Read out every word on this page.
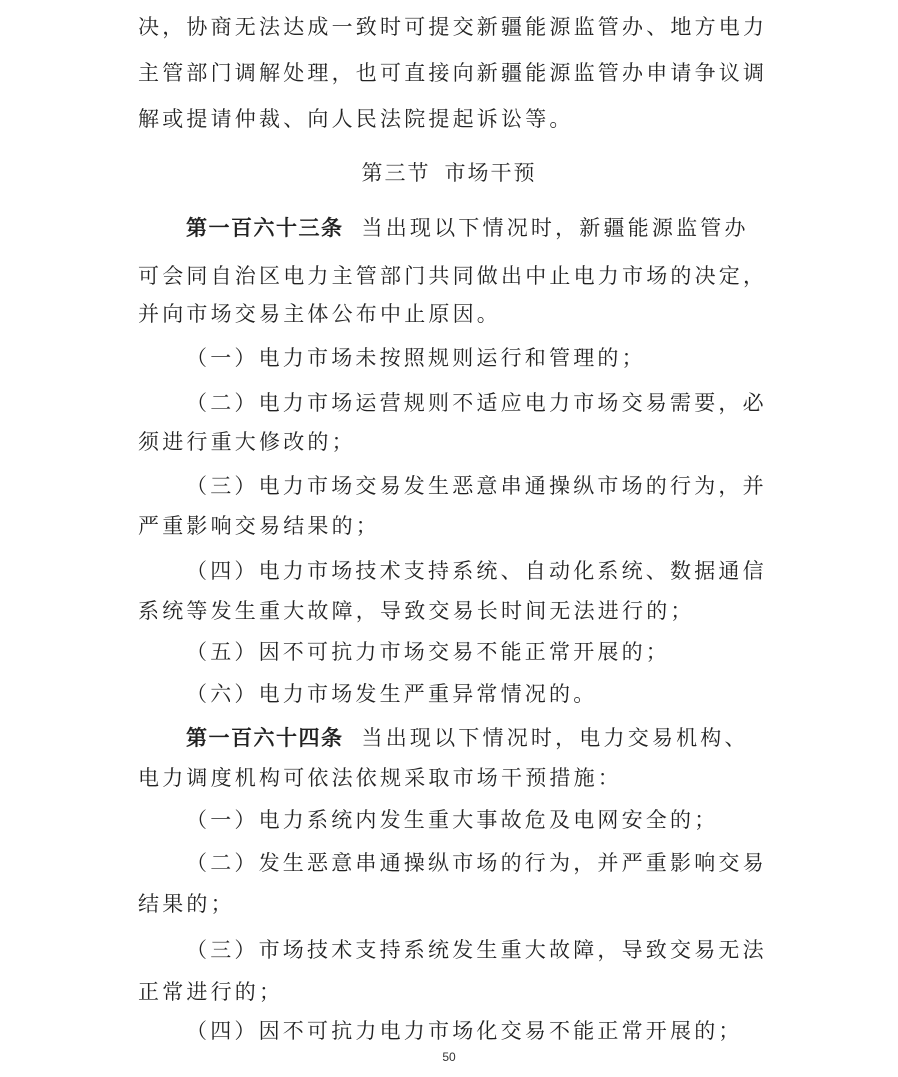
决，协商无法达成一致时可提交新疆能源监管办、地方电力
主管部门调解处理，也可直接向新疆能源监管办申请争议调
解或提请仲裁、向人民法院提起诉讼等。
第三节 市场干预
第一百六十三条 当出现以下情况时，新疆能源监管办
可会同自治区电力主管部门共同做出中止电力市场的决定，
并向市场交易主体公布中止原因。
（一）电力市场未按照规则运行和管理的；
（二）电力市场运营规则不适应电力市场交易需要，必
须进行重大修改的；
（三）电力市场交易发生恶意串通操纵市场的行为，并
严重影响交易结果的；
（四）电力市场技术支持系统、自动化系统、数据通信
系统等发生重大故障，导致交易长时间无法进行的；
（五）因不可抗力市场交易不能正常开展的；
（六）电力市场发生严重异常情况的。
第一百六十四条 当出现以下情况时，电力交易机构、
电力调度机构可依法依规采取市场干预措施：
（一）电力系统内发生重大事故危及电网安全的；
（二）发生恶意串通操纵市场的行为，并严重影响交易
结果的；
（三）市场技术支持系统发生重大故障，导致交易无法
正常进行的；
（四）因不可抗力电力市场化交易不能正常开展的；
50
